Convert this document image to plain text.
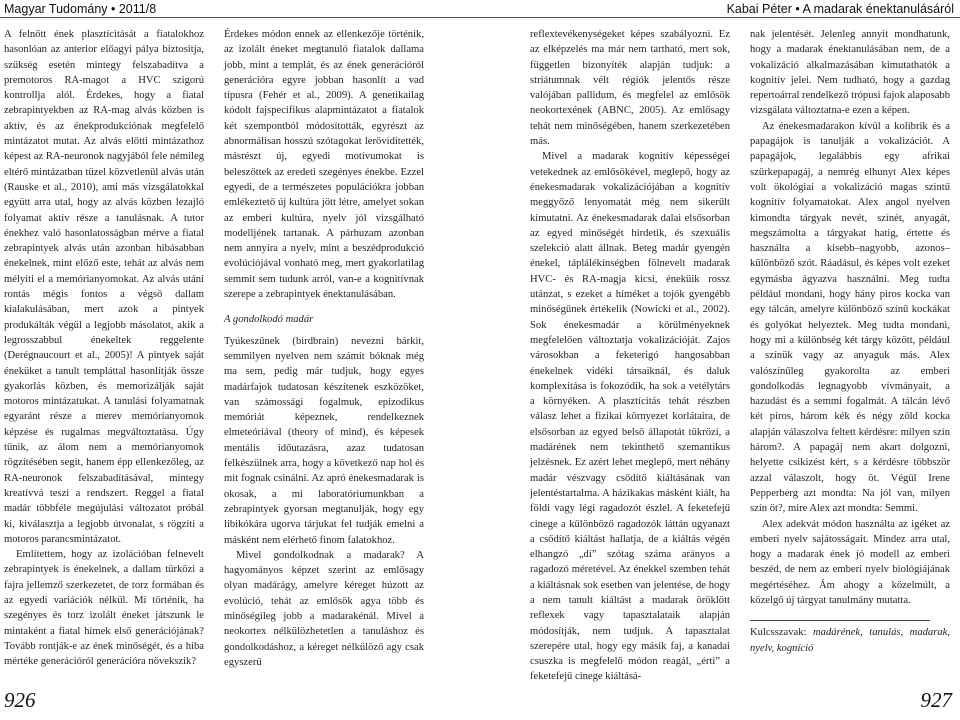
Magyar Tudomány • 2011/8	Kabai Péter • A madarak énektanulásáról

A felnőtt ének plasztícitását a fiatalokhoz hasonlóan az anterior előagyi pálya biztosítja, szükség esetén mintegy felszabadítva a premotoros RA-magot a HVC szigorú kontrollja alól. Érdekes, hogy a fiatal zebrapintyekben az RA-mag alvás közben is aktív, és az énekprodukciónak megfelelő mintázatot mutat. Az alvás előtti mintázathoz képest az RA-neuronok nagyjából fele némileg eltérő mintázatban tüzel közvetlenül alvás után (Rauske et al., 2010), ami más vizsgálatokkal együtt arra utal, hogy az alvás közben lezajló folyamat aktív része a tanulásnak. A tutor énekhez való hasonlatosságban mérve a fiatal zebrapintyek alvás után azonban hibásabban énekelnek, mint előző este, tehát az alvás nem mélyíti el a memórianyomokat. Az alvás utáni rontás mégis fontos a végső dallam kialakulásában, mert azok a pintyek produkálták végül a legjobb másolatot, akik a legrosszabbul énekeltek reggelente (Derégnaucourt et al., 2005)! A pintyek saját éneküket a tanult templáttal hasonlítják össze gyakorlás közben, és memorizálják saját motoros mintázatukat. A tanulási folyamatnak egyaránt része a merev memórianyomok képzése és rugalmas megváltoztatása. Úgy tűnik, az álom nem a memórianyomok rögzítésében segít, hanem épp ellenkezőleg, az RA-neuronok felszabadításával, mintegy kreatívvá teszi a rendszert. Reggel a fiatal madár többféle megújulási változatot próbál ki, kiválasztja a legjobb útvonalat, s rögzíti a motoros parancsmintázatot.

Említettem, hogy az izolációban felnevelt zebrapintyek is énekelnek, a dallam türközi a fajra jellemző szerkezetet, de torz formában és az egyedi variációk nélkül. Mi történik, ha szegényes és torz izolált éneket játszunk le mintaként a fiatal hímek első generációjának? Tovább rontják-e az ének minőségét, és a hiba mértéke generációról generációra növekszik?

Érdekes módon ennek az ellenkezője történik, az izolált éneket megtanuló fiatalok dallama jobb, mint a templát, és az ének generációról generációra egyre jobban hasonlít a vad típusra (Fehér et al., 2009). A genetikailag kódolt fajspecifikus alapmintázatot a fiatalok két szempontból módosították, egyrészt az abnormálisan hosszú szótagokat lerövidítették, másrészt új, egyedi motívumokat is beleszőttek az eredeti szegényes énekbe. Ezzel egyedi, de a természetes populációkra jobban emlékeztető új kultúra jött létre, amelyet sokan az emberi kultúra, nyelv jól vizsgálható modelljének tartanak. A párhuzam azonban nem annyira a nyelv, mint a beszédprodukció evolúciójával vonható meg, mert gyakorlatilag semmit sem tudunk arról, van-e a kognitívnak szerepe a zebrapintyek énektanulásában.

A gondolkodó madár

Tyúkeszűnek (birdbrain) nevezni bárkit, semmilyen nyelven nem számít bóknak még ma sem, pedig már tudjuk, hogy egyes madárfajok tudatosan készítenek eszközöket, van számossági fogalmuk, epizodikus memóriát képeznek, rendelkeznek elmeteóriával (theory of mind), és képesek mentális időutazásra, azaz tudatosan felkészülnek arra, hogy a következő nap hol és mit fognak csinálni. Az apró énekesmadarak is okosak, a mi laboratóriumunkban a zebrapintyek gyorsan megtanulják, hogy egy libikókára ugorva tárjukat fel tudják emelni a másként nem elérhető finom falatokhoz.

Mivel gondolkodnak a madarak? A hagyományos képzet szerint az emlősagy olyan madárágy, amelyre kéreget húzott az evolúció, tehát az emlősök agya több és minőségileg jobb a madarakénál. Mivel a neokortex nélkülözhetetlen a tanuláshoz és gondolkodáshoz, a kéreget nélkülöző agy csak egyszerű

reflextevékenységeket képes szabályozni. Ez az elképzelés ma már nem tartható, mert sok, független bizonyíték alapján tudjuk: a striátumnak vélt régiók jelentős része valójában pallidum, és megfelel az emlősök neokortexének (ABNC, 2005). Az emlősagy tehát nem minőségében, hanem szerkezetében más.

Mivel a madarak kognitív képességei vetekednek az emlősökével, meglepő, hogy az énekesmadarak vokalizációjában a kognitív meggyőző lenyomatát még nem sikerült kimutatni. Az énekesmadarak dalai elsősorban az egyed minőségét hirdetik, és szexuális szelekció alatt állnak. Beteg madár gyengén énekel, táplálékínségben fölnevelt madarak HVC- és RA-magja kicsi, éneküik rossz utánzat, s ezeket a híméket a tojók gyengébb minőségűnek értékelik (Nowicki et al., 2002). Sok énekesmadár a körülményeknek megfelelően változtatja vokalizációját. Zajos városokban a feketerigó hangosabban énekelnek vidéki társaiknál, és daluk komplexitása is fokozódik, ha sok a vetélytárs a környéken. A plasztícitás tehát részben válasz lehet a fizikai környezet korlátaira, de elsősorban az egyed belső állapotát tükrözi, a madárének nem tekinthető szemantikus jelzésnek. Ez azért lehet meglepő, mert néhány madár vészvagy csődítő kiáltásának van jelentéstartalma. A házikakas másként kiált, ha földi vagy légi ragadozót észlel. A feketefejű cinege a különböző ragadozók láttán ugyanazt a csődítő kiáltást hallatja, de a kiáltás végén elhangzó „dí” szótag száma arányos a ragadozó méretével. Az énekkel szemben tehát a kiáltásnak sok esetben van jelentése, de hogy a nem tanult kiáltást a madarak öröklött reflexek vagy tapasztalataik alapján módosítják, nem tudjuk. A tapasztalat szerepére utal, hogy egy másik faj, a kanadai csuszka is megfelelő módon reagál, „érti” a feketefejű cinege kiáltásá-

nak jelentését. Jelenleg annyit mondhatunk, hogy a madarak énektanulásában nem, de a vokalizáció alkalmazásában kimutathatók a kognitív jelei. Nem tudható, hogy a gazdag repertoárral rendelkező trópusi fajok alaposabb vizsgálata változtatna-e ezen a képen.

Az énekesmadarakon kívül a kolibrik és a papagájok is tanulják a vokalizációt. A papagájok, legalábbis egy afrikai szürkepapagáj, a nemrég elhunyt Alex képes volt ökológiai a vokalizáció magas szintű kognitív folyamatokat. Alex angol nyelven kimondta tárgyak nevét, színét, anyagát, megszámolta a tárgyakat hatig, értette és használta a kisebb–nagyobb, azonos–különböző szót. Ráadásul, és képes volt ezeket egymásba ágyazva használni. Meg tudta például mondani, hogy hány piros kocka van egy tálcán, amelyre különböző színű kockákat és golyókat helyeztek. Meg tudta mondani, hogy mi a különbség két tárgy között, például a színük vagy az anyaguk más. Alex valószínűleg gyakorolta az emberi gondolkodás legnagyobb vívmányait, a hazudást és a semmi fogalmát. A tálcán lévő két piros, három kék és négy zöld kocka alapján válaszolva feltett kérdésre: milyen szín három?. A papagáj nem akart dolgozni, helyette csikizést kért, s a kérdésre többször azzal válaszolt, hogy öt. Végül Irene Pepperberg azt mondta: Na jól van, milyen szín öt?, mire Alex azt mondta: Semmi.

Alex adekvát módon használta az igéket az emberi nyelv sajátosságait. Mindez arra utal, hogy a madarak ének jó modell az emberi beszéd, de nem az emberi nyelv biológiájának megértéséhez. Ám ahogy a közelmúlt, a közelgő új tárgyat tanulmány mutatta.

Kulcsszavak: madárének, tanulás, madarak, nyelv, kogníció

926	927
